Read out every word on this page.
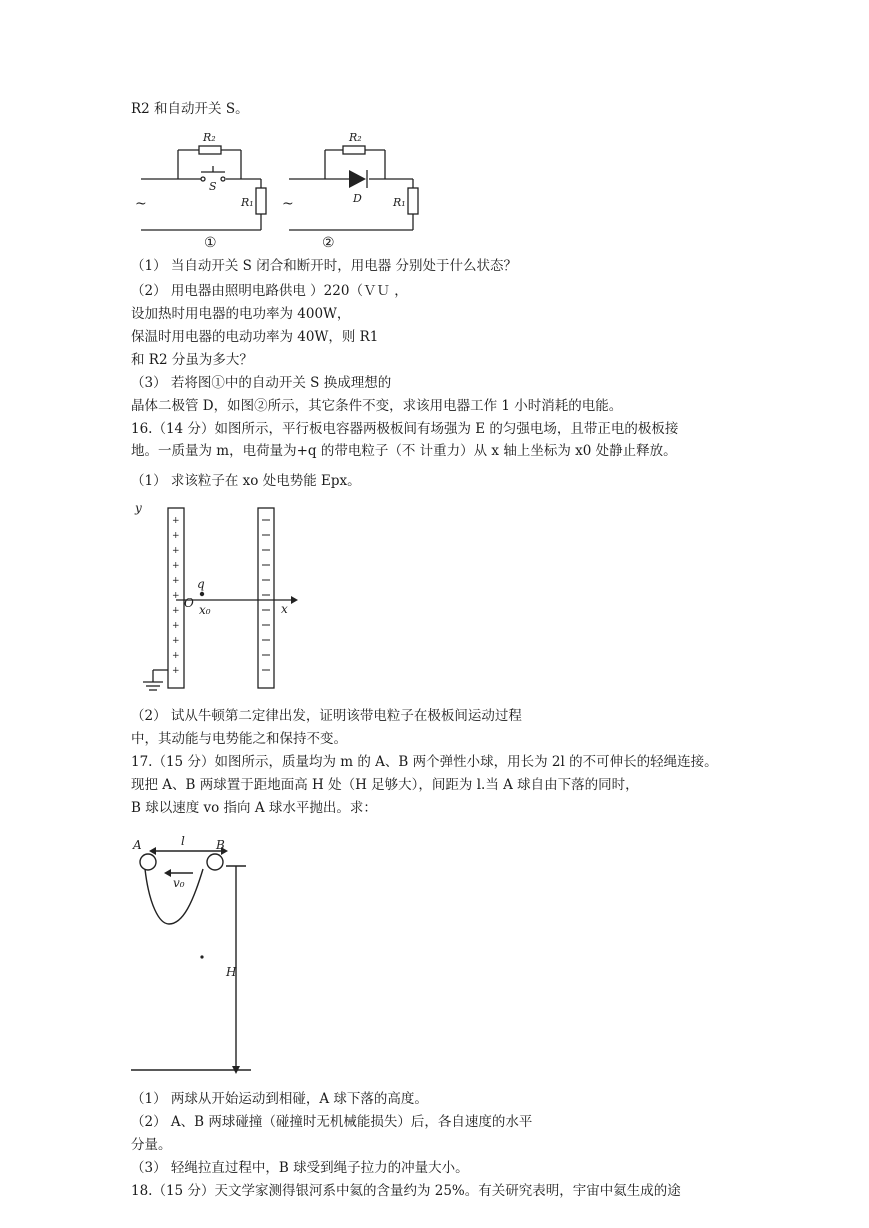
R2 和自动开关 S。
R₂
S
R₁
R₂
D	R₁
~	~
①	②
（1） 当自动开关 S 闭合和断开时，用电器 分别处于什么状态？
（2） 用电器由照明电路供电 ）220（ＶＵ ，
设加热时用电器的电功率为 400W，
保温时用电器的电动功率为 40W，则 R1
和 R2 分虽为多大？
（3） 若将图①中的自动开关 S 换成理想的
晶体二极管 D，如图②所示，其它条件不变，求该用电器工作 1 小时消耗的电能。
16.（14 分）如图所示，平行板电容器两极板间有场强为 E 的匀强电场，且带正电的极板接
地。一质量为 m，电荷量为+q 的带电粒子（不 计重力）从 x 轴上坐标为 x0 处静止释放。
（1） 求该粒子在 xo 处电势能 Epx。
+
+
+
+
+
+
+
+
+
+
+
y
O
q
x₀	x
（2） 试从牛顿第二定律出发，证明该带电粒子在极板间运动过程
中，其动能与电势能之和保持不变。
17.（15 分）如图所示，质量均为 m 的 A、B 两个弹性小球，用长为 2l 的不可伸长的轻绳连接。
现把 A、B 两球置于距地面高 H 处（H 足够大），间距为 l.当 A 球自由下落的同时，
B 球以速度 vo 指向 A 球水平抛出。求：
A	B
l
v₀
H
（1） 两球从开始运动到相碰，A 球下落的高度。
（2） A、B 两球碰撞（碰撞时无机械能损失）后，各自速度的水平
分量。
（3） 轻绳拉直过程中，B 球受到绳子拉力的冲量大小。
18.（15 分）天文学家测得银河系中氦的含量约为 25%。有关研究表明，宇宙中氦生成的途
